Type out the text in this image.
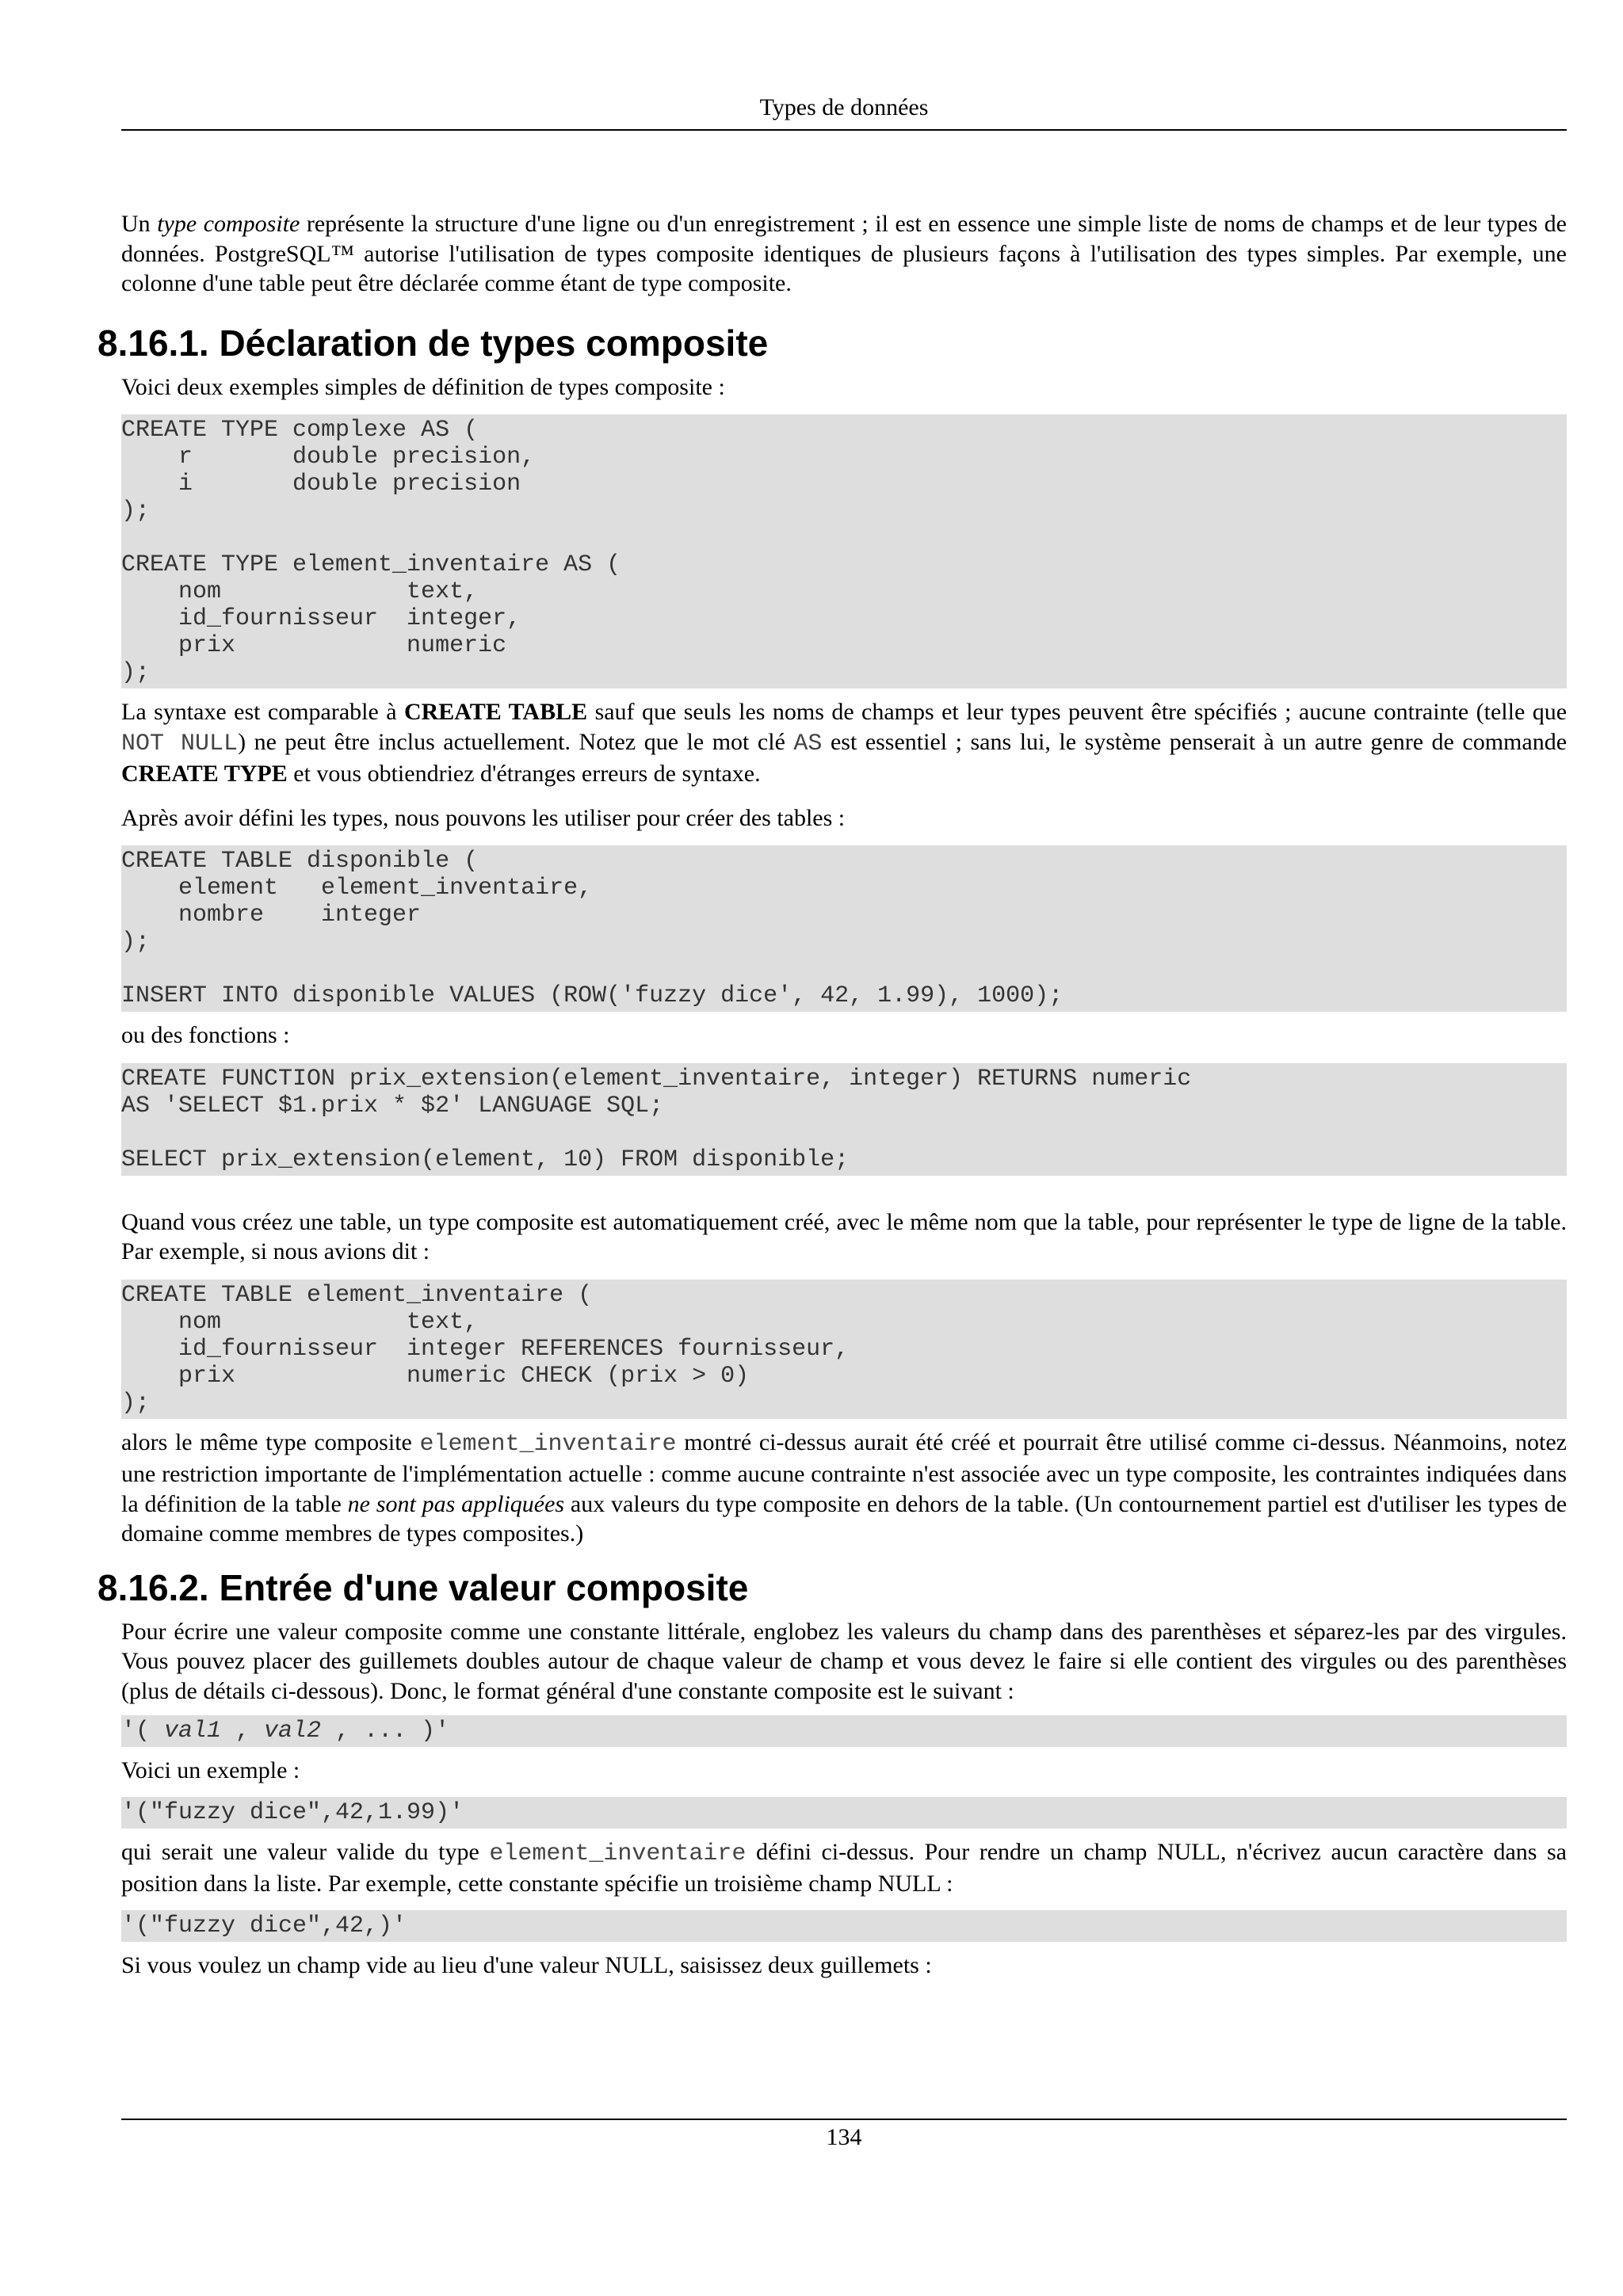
Types de données

Un type composite représente la structure d'une ligne ou d'un enregistrement ; il est en essence une simple liste de noms de champs et de leur types de données. PostgreSQL™ autorise l'utilisation de types composite identiques de plusieurs façons à l'utilisation des types simples. Par exemple, une colonne d'une table peut être déclarée comme étant de type composite.

8.16.1. Déclaration de types composite

Voici deux exemples simples de définition de types composite :

CREATE TYPE complexe AS (
r       double precision,
i       double precision
);

CREATE TYPE element_inventaire AS (
nom             text,
id_fournisseur  integer,
prix            numeric
);

La syntaxe est comparable à CREATE TABLE sauf que seuls les noms de champs et leur types peuvent être spécifiés ; aucune contrainte (telle que NOT NULL) ne peut être inclus actuellement. Notez que le mot clé AS est essentiel ; sans lui, le système penserait à un autre genre de commande CREATE TYPE et vous obtiendriez d'étranges erreurs de syntaxe.

Après avoir défini les types, nous pouvons les utiliser pour créer des tables :

CREATE TABLE disponible (
element   element_inventaire,
nombre    integer
);

INSERT INTO disponible VALUES (ROW('fuzzy dice', 42, 1.99), 1000);

ou des fonctions :

CREATE FUNCTION prix_extension(element_inventaire, integer) RETURNS numeric
AS 'SELECT $1.prix * $2' LANGUAGE SQL;

SELECT prix_extension(element, 10) FROM disponible;

Quand vous créez une table, un type composite est automatiquement créé, avec le même nom que la table, pour représenter le type de ligne de la table. Par exemple, si nous avions dit :

CREATE TABLE element_inventaire (
nom             text,
id_fournisseur  integer REFERENCES fournisseur,
prix            numeric CHECK (prix > 0)
);

alors le même type composite element_inventaire montré ci-dessus aurait été créé et pourrait être utilisé comme ci-dessus. Néanmoins, notez une restriction importante de l'implémentation actuelle : comme aucune contrainte n'est associée avec un type composite, les contraintes indiquées dans la définition de la table ne sont pas appliquées aux valeurs du type composite en dehors de la table. (Un contournement partiel est d'utiliser les types de domaine comme membres de types composites.)

8.16.2. Entrée d'une valeur composite

Pour écrire une valeur composite comme une constante littérale, englobez les valeurs du champ dans des parenthèses et séparez-les par des virgules. Vous pouvez placer des guillemets doubles autour de chaque valeur de champ et vous devez le faire si elle contient des virgules ou des parenthèses (plus de détails ci-dessous). Donc, le format général d'une constante composite est le suivant :

'( val1 , val2 , ... )'

Voici un exemple :

'("fuzzy dice",42,1.99)'

qui serait une valeur valide du type element_inventaire défini ci-dessus. Pour rendre un champ NULL, n'écrivez aucun caractère dans sa position dans la liste. Par exemple, cette constante spécifie un troisième champ NULL :

'("fuzzy dice",42,)'

Si vous voulez un champ vide au lieu d'une valeur NULL, saisissez deux guillemets :

134
